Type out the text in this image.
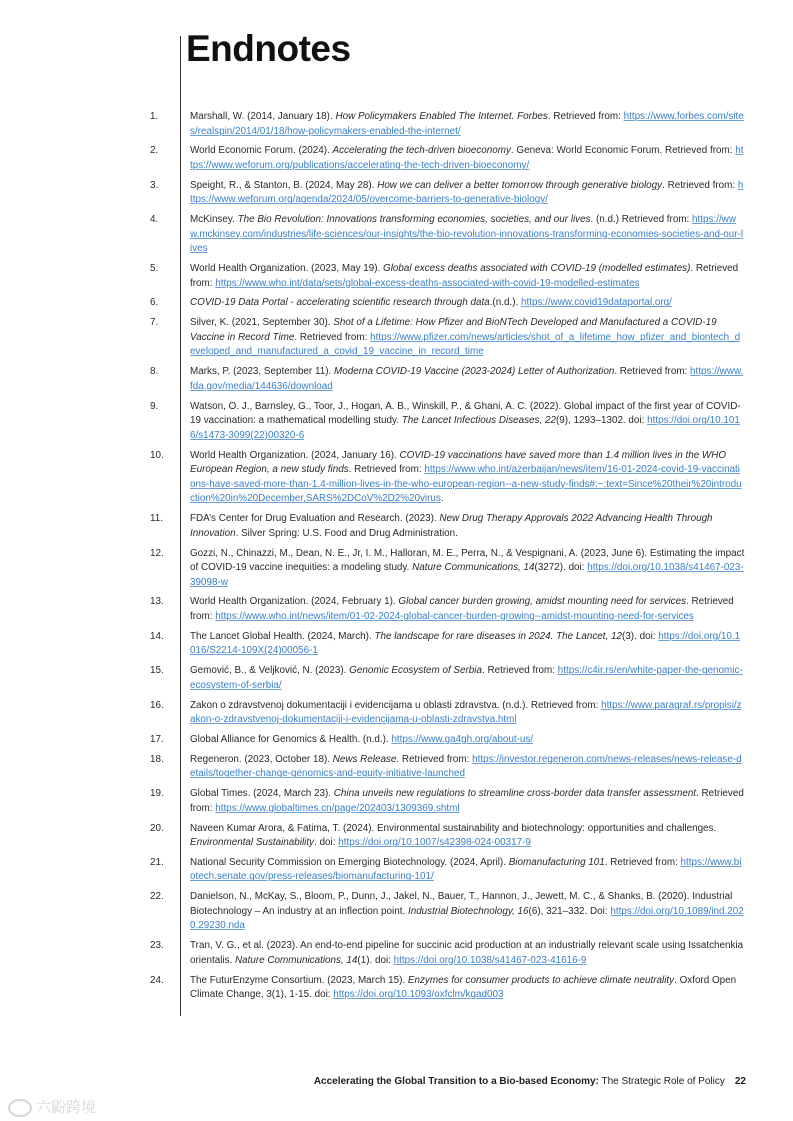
Endnotes
1.	Marshall, W. (2014, January 18). How Policymakers Enabled The Internet. Forbes. Retrieved from: https://www.forbes.com/sites/realspin/2014/01/18/how-policymakers-enabled-the-internet/
2.	World Economic Forum. (2024). Accelerating the tech-driven bioeconomy. Geneva: World Economic Forum. Retrieved from: https://www.weforum.org/publications/accelerating-the-tech-driven-bioeconomy/
3.	Speight, R., & Stanton, B. (2024, May 28). How we can deliver a better tomorrow through generative biology. Retrieved from: https://www.weforum.org/agenda/2024/05/overcome-barriers-to-generative-biology/
4.	McKinsey. The Bio Revolution: Innovations transforming economies, societies, and our lives. (n.d.) Retrieved from: https://www.mckinsey.com/industries/life-sciences/our-insights/the-bio-revolution-innovations-transforming-economies-societies-and-our-lives
5.	World Health Organization. (2023, May 19). Global excess deaths associated with COVID-19 (modelled estimates). Retrieved from: https://www.who.int/data/sets/global-excess-deaths-associated-with-covid-19-modelled-estimates
6.	COVID-19 Data Portal - accelerating scientific research through data.(n.d.). https://www.covid19dataportal.org/
7.	Silver, K. (2021, September 30). Shot of a Lifetime: How Pfizer and BioNTech Developed and Manufactured a COVID-19 Vaccine in Record Time. Retrieved from: https://www.pfizer.com/news/articles/shot_of_a_lifetime_how_pfizer_and_biontech_developed_and_manufactured_a_covid_19_vaccine_in_record_time
8.	Marks, P. (2023, September 11). Moderna COVID-19 Vaccine (2023-2024) Letter of Authorization. Retrieved from: https://www.fda.gov/media/144636/download
9.	Watson, O. J., Barnsley, G., Toor, J., Hogan, A. B., Winskill, P., & Ghani, A. C. (2022). Global impact of the first year of COVID-19 vaccination: a mathematical modelling study. The Lancet Infectious Diseases, 22(9), 1293–1302. doi: https://doi.org/10.1016/s1473-3099(22)00320-6
10.	World Health Organization. (2024, January 16). COVID-19 vaccinations have saved more than 1.4 million lives in the WHO European Region, a new study finds. Retrieved from: https://www.who.int/azerbaijan/news/item/16-01-2024-covid-19-vaccinations-have-saved-more-than-1.4-million-lives-in-the-who-european-region--a-new-study-finds#:~:text=Since%20their%20introduction%20in%20December,SARS%2DCoV%2D2%20virus.
11.	FDA’s Center for Drug Evaluation and Research. (2023). New Drug Therapy Approvals 2022 Advancing Health Through Innovation. Silver Spring: U.S. Food and Drug Administration.
12.	Gozzi, N., Chinazzi, M., Dean, N. E., Jr, I. M., Halloran, M. E., Perra, N., & Vespignani, A. (2023, June 6). Estimating the impact of COVID-19 vaccine inequities: a modeling study. Nature Communications, 14(3272). doi: https://doi.org/10.1038/s41467-023-39098-w
13.	World Health Organization. (2024, February 1). Global cancer burden growing, amidst mounting need for services. Retrieved from: https://www.who.int/news/item/01-02-2024-global-cancer-burden-growing--amidst-mounting-need-for-services
14.	The Lancet Global Health. (2024, March). The landscape for rare diseases in 2024. The Lancet, 12(3). doi: https://doi.org/10.1016/S2214-109X(24)00056-1
15.	Gemović, B., & Veljković, N. (2023). Genomic Ecosystem of Serbia. Retrieved from: https://c4ir.rs/en/white-paper-the-genomic-ecosystem-of-serbia/
16.	Zakon o zdravstvenoj dokumentaciji i evidencijama u oblasti zdravstva. (n.d.). Retrieved from: https://www.paragraf.rs/propisi/zakon-o-zdravstvenoj-dokumentaciji-i-evidencijama-u-oblasti-zdravstva.html
17.	Global Alliance for Genomics & Health. (n.d.). https://www.ga4gh.org/about-us/
18.	Regeneron. (2023, October 18). News Release. Retrieved from: https://investor.regeneron.com/news-releases/news-release-details/together-change-genomics-and-equity-initiative-launched
19.	Global Times. (2024, March 23). China unveils new regulations to streamline cross-border data transfer assessment. Retrieved from: https://www.globaltimes.cn/page/202403/1309369.shtml
20.	Naveen Kumar Arora, & Fatima, T. (2024). Environmental sustainability and biotechnology: opportunities and challenges. Environmental Sustainability. doi: https://doi.org/10.1007/s42398-024-00317-9
21.	National Security Commission on Emerging Biotechnology. (2024, April). Biomanufacturing 101. Retrieved from: https://www.biotech.senate.gov/press-releases/biomanufacturing-101/
22.	Danielson, N., McKay, S., Bloom, P., Dunn, J., Jakel, N., Bauer, T., Hannon, J., Jewett, M. C., & Shanks, B. (2020). Industrial Biotechnology – An industry at an inflection point. Industrial Biotechnology, 16(6), 321–332. Doi: https://doi.org/10.1089/ind.2020.29230.nda
23.	Tran, V. G., et al. (2023). An end-to-end pipeline for succinic acid production at an industrially relevant scale using Issatchenkia orientalis. Nature Communications, 14(1). doi: https://doi.org/10.1038/s41467-023-41616-9
24.	The FuturEnzyme Consortium. (2023, March 15). Enzymes for consumer products to achieve climate neutrality. Oxford Open Climate Change, 3(1), 1-15. doi: https://doi.org/10.1093/oxfclm/kgad003
Accelerating the Global Transition to a Bio-based Economy: The Strategic Role of Policy 22
六鼢跨境
